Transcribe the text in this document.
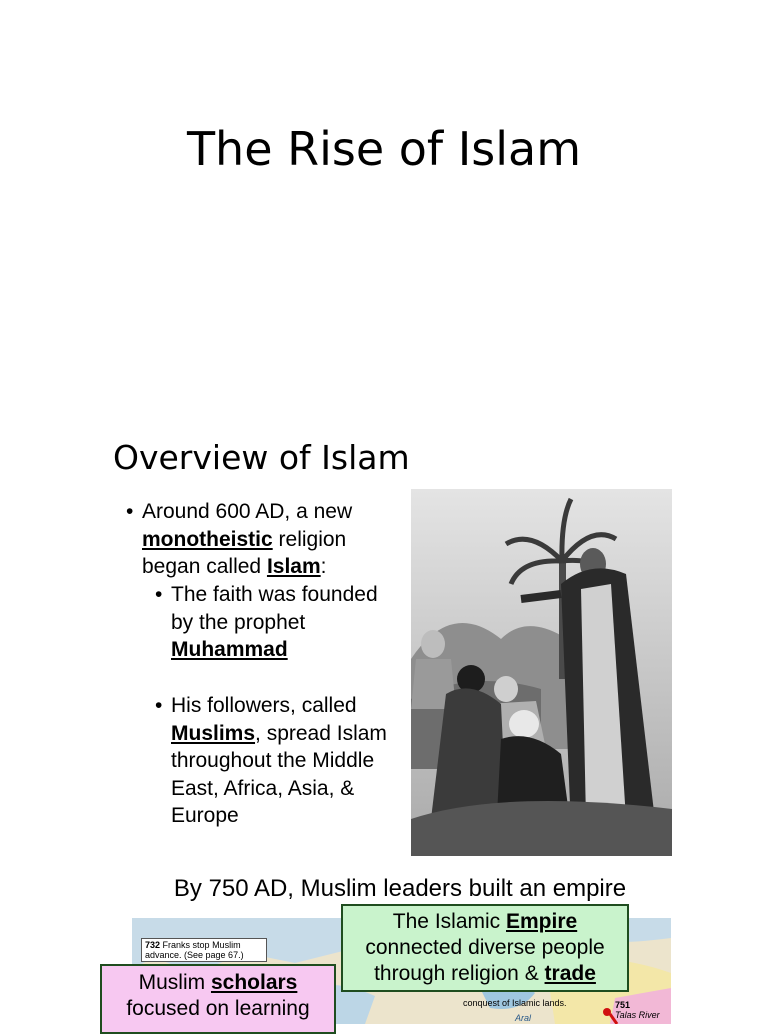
The Rise of Islam
Overview of Islam
• Around 600 AD, a new monotheistic religion began called Islam:
• The faith was founded by the prophet Muhammad
• His followers, called Muslims, spread Islam throughout the Middle East, Africa, Asia, & Europe
By 750 AD, Muslim leaders built an empire
732 Franks stop Muslim advance. (See page 67.)
conquest of Islamic lands.	751
Talas River
Aral
The Islamic Empire
connected diverse people through religion & trade
Muslim scholars
focused on learning
